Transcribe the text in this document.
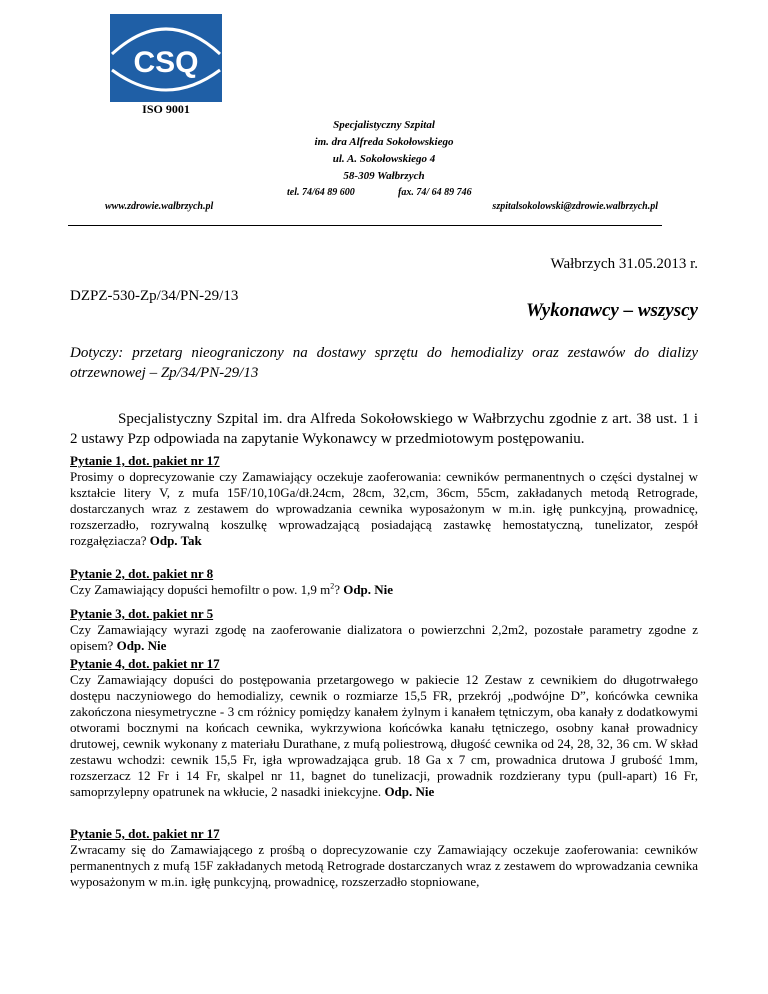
CSQ
ISO 9001
Specjalistyczny Szpital
im. dra Alfreda Sokołowskiego
ul. A. Sokołowskiego 4
58-309 Wałbrzych
tel. 74/64 89 600	fax. 74/ 64 89 746
www.zdrowie.walbrzych.pl	szpitalsokolowski@zdrowie.walbrzych.pl
Wałbrzych 31.05.2013 r.
DZPZ-530-Zp/34/PN-29/13
Wykonawcy – wszyscy
Dotyczy: przetarg nieograniczony na dostawy sprzętu do hemodializy oraz zestawów do dializy otrzewnowej – Zp/34/PN-29/13
Specjalistyczny Szpital im. dra Alfreda Sokołowskiego w Wałbrzychu zgodnie z art. 38 ust. 1 i 2 ustawy Pzp odpowiada na zapytanie Wykonawcy w przedmiotowym postępowaniu.
Pytanie 1, dot. pakiet nr 17
Prosimy o doprecyzowanie czy Zamawiający oczekuje zaoferowania: cewników permanentnych o części dystalnej w kształcie litery V, z mufa 15F/10,10Ga/dł.24cm, 28cm, 32,cm, 36cm, 55cm, zakładanych metodą Retrograde, dostarczanych wraz z zestawem do wprowadzania cewnika wyposażonym w m.in. igłę punkcyjną, prowadnicę, rozszerzadło, rozrywalną koszulkę wprowadzającą posiadającą zastawkę hemostatyczną, tunelizator, zespół rozgałęziacza? Odp. Tak
Pytanie 2, dot. pakiet nr 8
Czy Zamawiający dopuści hemofiltr o pow. 1,9 $m^2$? Odp. Nie
Pytanie 3, dot. pakiet nr 5
Czy Zamawiający wyrazi zgodę na zaoferowanie dializatora o powierzchni 2,2m2, pozostałe parametry zgodne z opisem? Odp. Nie
Pytanie 4, dot. pakiet nr 17
Czy Zamawiający dopuści do postępowania przetargowego w pakiecie 12 Zestaw z cewnikiem do długotrwałego dostępu naczyniowego do hemodializy, cewnik o rozmiarze 15,5 FR, przekrój „podwójne D”, końcówka cewnika zakończona niesymetryczne - 3 cm różnicy pomiędzy kanałem żylnym i kanałem tętniczym, oba kanały z dodatkowymi otworami bocznymi na końcach cewnika, wykrzywiona końcówka kanału tętniczego, osobny kanał prowadnicy drutowej, cewnik wykonany z materiału Durathane, z mufą poliestrową, długość cewnika od 24, 28, 32, 36 cm. W skład zestawu wchodzi: cewnik 15,5 Fr, igła wprowadzająca grub. 18 Ga x 7 cm, prowadnica drutowa J grubość 1mm, rozszerzacz 12 Fr i 14 Fr, skalpel nr 11, bagnet do tunelizacji, prowadnik rozdzierany typu (pull-apart) 16 Fr, samoprzylepny opatrunek na wkłucie, 2 nasadki iniekcyjne. Odp. Nie
Pytanie 5, dot. pakiet nr 17
Zwracamy się do Zamawiającego z prośbą o doprecyzowanie czy Zamawiający oczekuje zaoferowania: cewników permanentnych z mufą 15F zakładanych metodą Retrograde dostarczanych wraz z zestawem do wprowadzania cewnika wyposażonym w m.in. igłę punkcyjną, prowadnicę, rozszerzadło stopniowane,
